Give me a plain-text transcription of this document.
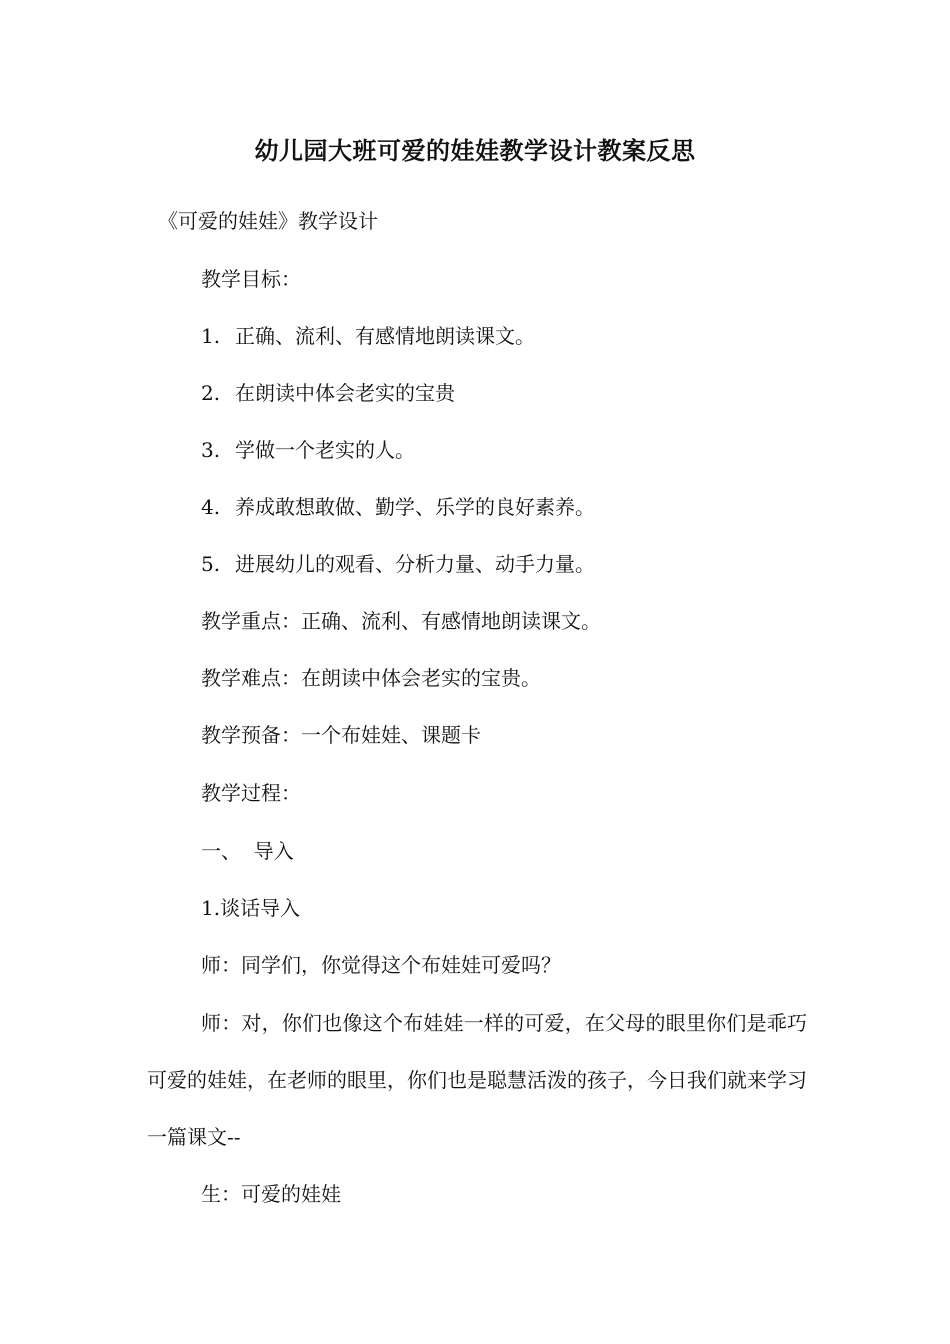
幼儿园大班可爱的娃娃教学设计教案反思
《可爱的娃娃》教学设计
教学目标：
1. 正确、流利、有感情地朗读课文。
2. 在朗读中体会老实的宝贵
3. 学做一个老实的人。
4. 养成敢想敢做、勤学、乐学的良好素养。
5. 进展幼儿的观看、分析力量、动手力量。
教学重点：正确、流利、有感情地朗读课文。
教学难点：在朗读中体会老实的宝贵。
教学预备：一个布娃娃、课题卡
教学过程：
一、  导入
1.谈话导入
师：同学们，你觉得这个布娃娃可爱吗？
师：对，你们也像这个布娃娃一样的可爱，在父母的眼里你们是乖巧可爱的娃娃，在老师的眼里，你们也是聪慧活泼的孩子，今日我们就来学习一篇课文--
生：可爱的娃娃
